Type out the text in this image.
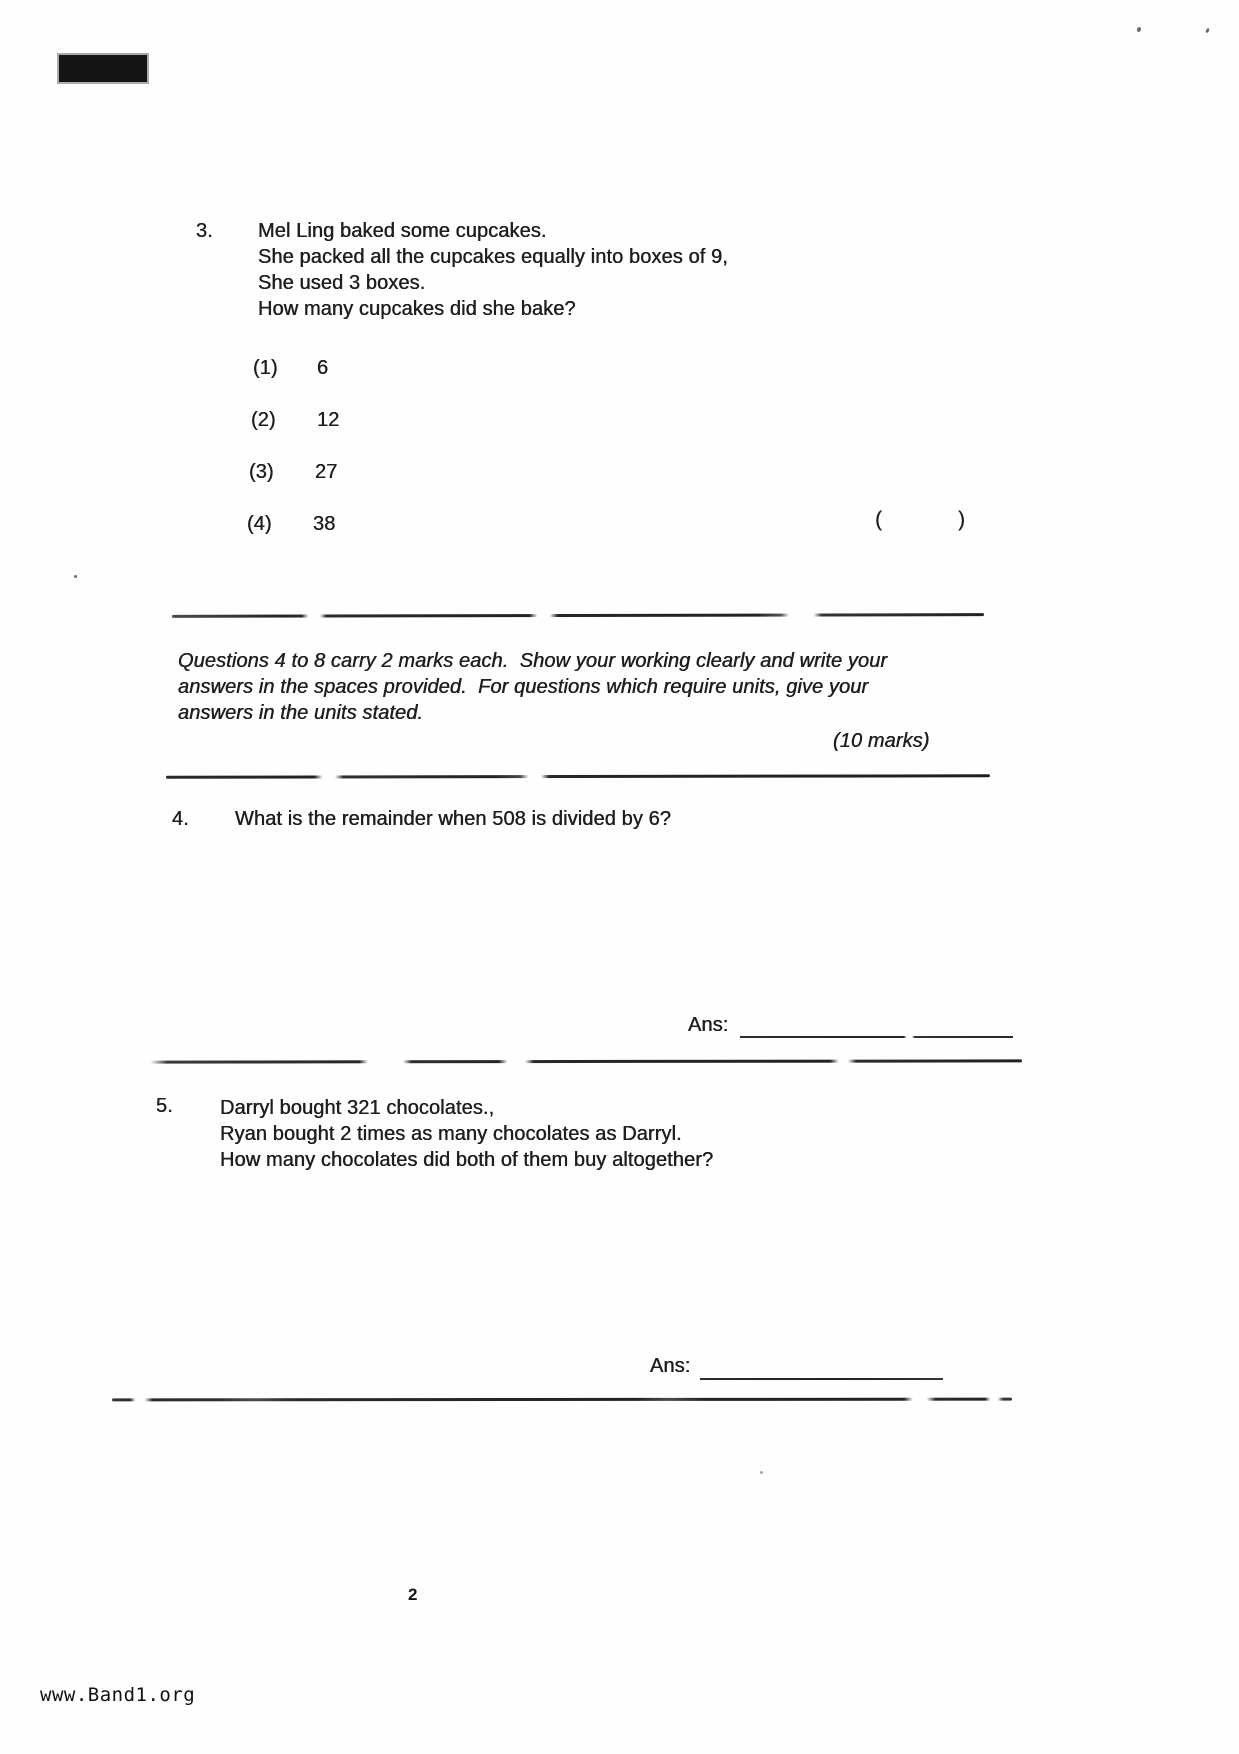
3. Mel Ling baked some cupcakes.
She packed all the cupcakes equally into boxes of 9,
She used 3 boxes.
How many cupcakes did she bake?
(1) 6
(2) 12
(3) 27
(4) 38	(	)
Questions 4 to 8 carry 2 marks each.  Show your working clearly and write your
answers in the spaces provided.  For questions which require units, give your
answers in the units stated.
(10 marks)
4. What is the remainder when 508 is divided by 6?
Ans:
5. Darryl bought 321 chocolates.,
Ryan bought 2 times as many chocolates as Darryl.
How many chocolates did both of them buy altogether?
Ans:
2
www.Band1.org
